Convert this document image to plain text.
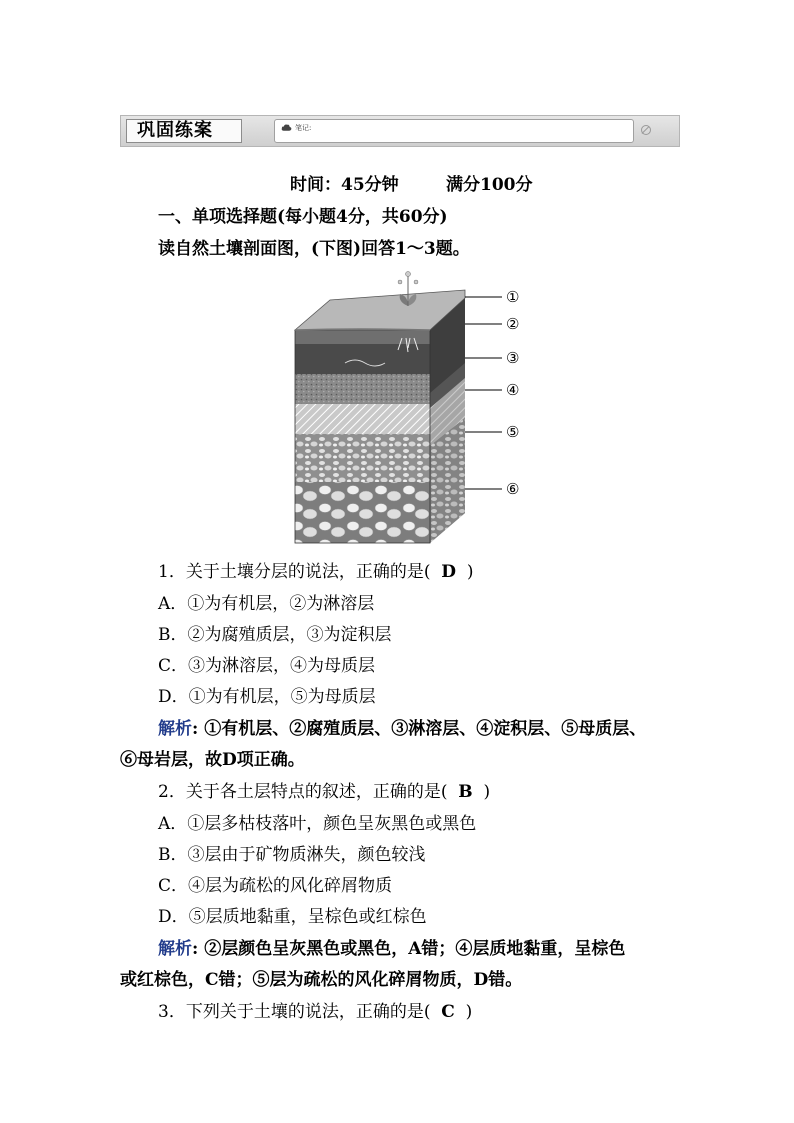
巩固练案	笔记:
时间：45分钟	满分100分
一、单项选择题(每小题4分，共60分)
读自然土壤剖面图，(下图)回答1～3题。
①
②
③
④
⑤
⑥
1．关于土壤分层的说法，正确的是( D )
A．①为有机层，②为淋溶层
B．②为腐殖质层，③为淀积层
C．③为淋溶层，④为母质层
D．①为有机层，⑤为母质层
解析: ①有机层、②腐殖质层、③淋溶层、④淀积层、⑤母质层、
⑥母岩层，故D项正确。
2．关于各土层特点的叙述，正确的是( B )
A．①层多枯枝落叶，颜色呈灰黑色或黑色
B．③层由于矿物质淋失，颜色较浅
C．④层为疏松的风化碎屑物质
D．⑤层质地黏重，呈棕色或红棕色
解析: ②层颜色呈灰黑色或黑色，A错；④层质地黏重，呈棕色
或红棕色，C错；⑤层为疏松的风化碎屑物质，D错。
3．下列关于土壤的说法，正确的是( C )
